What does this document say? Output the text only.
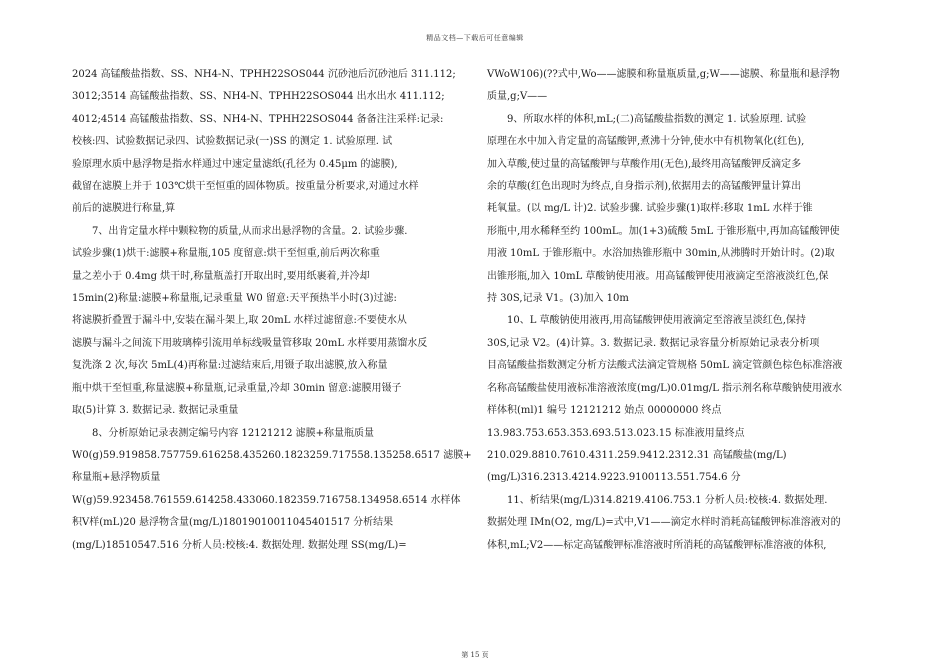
精品文档—下载后可任意编辑

2024 高锰酸盐指数、SS、NH4-N、TPHH22SOS044 沉砂池后沉砂池后 311.112;
3012;3514 高锰酸盐指数、SS、NH4-N、TPHH22SOS044 出水出水 411.112;
4012;4514 高锰酸盐指数、SS、NH4-N、TPHH22SOS044 备备注注采样:记录:
校核:四、试验数据记录四、试验数据记录(一)SS 的测定 1. 试验原理. 试
验原理水质中悬浮物是指水样通过中速定量滤纸(孔径为 0.45μm 的滤膜),
截留在滤膜上并于 103℃烘干至恒重的固体物质。按重量分析要求,对通过水样
前后的滤膜进行称量,算

7、出肯定量水样中颗粒物的质量,从而求出悬浮物的含量。2. 试验步骤.
试验步骤(1)烘干:滤膜+称量瓶,105 度留意:烘干至恒重,前后两次称重
量之差小于 0.4mg 烘干时,称量瓶盖打开取出时,要用纸裹着,并冷却
15min(2)称量:滤膜+称量瓶,记录重量 W0 留意:天平预热半小时(3)过滤:
将滤膜折叠置于漏斗中,安装在漏斗架上,取 20mL 水样过滤留意:不要使水从
滤膜与漏斗之间流下用玻璃棒引流用单标线吸量管移取 20mL 水样要用蒸馏水反
复洗涤 2 次,每次 5mL(4)再称量:过滤结束后,用镊子取出滤膜,放入称量
瓶中烘干至恒重,称量滤膜+称量瓶,记录重量,冷却 30min 留意:滤膜用镊子
取(5)计算 3. 数据记录. 数据记录重量

8、分析原始记录表测定编号内容 12121212 滤膜+称量瓶质量
W0(g)59.919858.757759.616258.435260.1823259.717558.135258.6517 滤膜+
称量瓶+悬浮物质量
W(g)59.923458.761559.614258.433060.182359.716758.134958.6514 水样体
积V样(mL)20 悬浮物含量(mg/L)18019010011045401517 分析结果
(mg/L)18510547.516 分析人员:校核:4. 数据处理. 数据处理 SS(mg/L)=

VWoW106)(??式中,Wo——滤膜和称量瓶质量,g;W——滤膜、称量瓶和悬浮物
质量,g;V——

9、所取水样的体积,mL;(二)高锰酸盐指数的测定 1. 试验原理. 试验
原理在水中加入肯定量的高锰酸钾,煮沸十分钟,使水中有机物氧化(红色),
加入草酸,使过量的高锰酸钾与草酸作用(无色),最终用高锰酸钾反滴定多
余的草酸(红色出现时为终点,自身指示剂),依据用去的高锰酸钾量计算出
耗氧量。(以 mg/L 计)2. 试验步骤. 试验步骤(1)取样:移取 1mL 水样于锥
形瓶中,用水稀释至约 100mL。加(1+3)硫酸 5mL 于锥形瓶中,再加高锰酸钾使
用液 10mL 于锥形瓶中。水浴加热锥形瓶中 30min,从沸腾时开始计时。(2)取
出锥形瓶,加入 10mL 草酸钠使用液。用高锰酸钾使用液滴定至溶液淡红色,保
持 30S,记录 V1。(3)加入 10m

10、L 草酸钠使用液再,用高锰酸钾使用液滴定至溶液呈淡红色,保持
30S,记录 V2。(4)计算。3. 数据记录. 数据记录容量分析原始记录表分析项
目高锰酸盐指数测定分析方法酸式法滴定管规格 50mL 滴定管颜色棕色标准溶液
名称高锰酸盐使用液标准溶液浓度(mg/L)0.01mg/L 指示剂名称草酸钠使用液水
样体积(ml)1 编号 12121212 始点 00000000 终点
13.983.753.653.353.693.513.023.15 标准液用量终点
210.029.8810.7610.4311.259.9412.2312.31 高锰酸盐(mg/L)
(mg/L)316.2313.4214.9223.9100113.551.754.6 分

11、析结果(mg/L)314.8219.4106.753.1 分析人员:校核:4. 数据处理.
数据处理 IMn(O2, mg/L)=式中,V1——滴定水样时消耗高锰酸钾标准溶液对的
体积,mL;V2——标定高锰酸钾标准溶液时所消耗的高锰酸钾标准溶液的体积,

第 15 页
